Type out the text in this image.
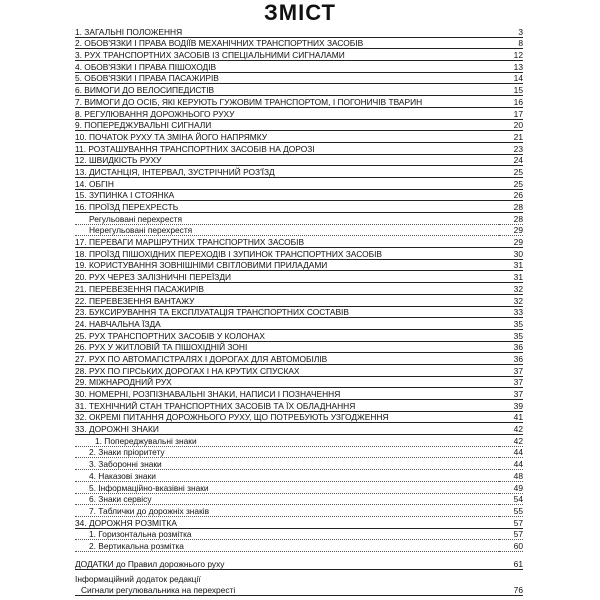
ЗМІСТ
1. ЗАГАЛЬНІ ПОЛОЖЕННЯ	3
2. ОБОВ'ЯЗКИ І ПРАВА ВОДІЇВ МЕХАНІЧНИХ ТРАНСПОРТНИХ ЗАСОБІВ	8
3. РУХ ТРАНСПОРТНИХ ЗАСОБІВ ІЗ СПЕЦІАЛЬНИМИ СИГНАЛАМИ	12
4. ОБОВ'ЯЗКИ І ПРАВА ПІШОХОДІВ	13
5. ОБОВ'ЯЗКИ І ПРАВА ПАСАЖИРІВ	14
6. ВИМОГИ ДО ВЕЛОСИПЕДИСТІВ	15
7. ВИМОГИ ДО ОСІБ, ЯКІ КЕРУЮТЬ ГУЖОВИМ ТРАНСПОРТОМ, І ПОГОНИЧІВ ТВАРИН	16
8. РЕГУЛЮВАННЯ ДОРОЖНЬОГО РУХУ	17
9. ПОПЕРЕДЖУВАЛЬНІ СИГНАЛИ	20
10. ПОЧАТОК РУХУ ТА ЗМІНА ЙОГО НАПРЯМКУ	21
11. РОЗТАШУВАННЯ ТРАНСПОРТНИХ ЗАСОБІВ НА ДОРОЗІ	23
12. ШВИДКІСТЬ РУХУ	24
13. ДИСТАНЦІЯ, ІНТЕРВАЛ, ЗУСТРІЧНИЙ РОЗ'ЇЗД	25
14. ОБГІН	25
15. ЗУПИНКА І СТОЯНКА	26
16. ПРОЇЗД ПЕРЕХРЕСТЬ	28
Регульовані перехрестя	28
Нерегульовані перехрестя	29
17. ПЕРЕВАГИ МАРШРУТНИХ ТРАНСПОРТНИХ ЗАСОБІВ	29
18. ПРОЇЗД ПІШОХІДНИХ ПЕРЕХОДІВ І ЗУПИНОК ТРАНСПОРТНИХ ЗАСОБІВ	30
19. КОРИСТУВАННЯ ЗОВНІШНІМИ СВІТЛОВИМИ ПРИЛАДАМИ	31
20. РУХ ЧЕРЕЗ ЗАЛІЗНИЧНІ ПЕРЕЇЗДИ	31
21. ПЕРЕВЕЗЕННЯ ПАСАЖИРІВ	32
22. ПЕРЕВЕЗЕННЯ ВАНТАЖУ	32
23. БУКСИРУВАННЯ ТА ЕКСПЛУАТАЦІЯ ТРАНСПОРТНИХ СОСТАВІВ	33
24. НАВЧАЛЬНА ЇЗДА	35
25. РУХ ТРАНСПОРТНИХ ЗАСОБІВ У КОЛОНАХ	35
26. РУХ У ЖИТЛОВІЙ ТА ПІШОХІДНІЙ ЗОНІ	36
27. РУХ ПО АВТОМАГІСТРАЛЯХ І ДОРОГАХ ДЛЯ АВТОМОБІЛІВ	36
28. РУХ ПО ГІРСЬКИХ ДОРОГАХ І НА КРУТИХ СПУСКАХ	37
29. МІЖНАРОДНИЙ РУХ	37
30. НОМЕРНІ, РОЗПІЗНАВАЛЬНІ ЗНАКИ, НАПИСИ І ПОЗНАЧЕННЯ	37
31. ТЕХНІЧНИЙ СТАН ТРАНСПОРТНИХ ЗАСОБІВ ТА ЇХ ОБЛАДНАННЯ	39
32. ОКРЕМІ ПИТАННЯ ДОРОЖНЬОГО РУХУ, ЩО ПОТРЕБУЮТЬ УЗГОДЖЕННЯ	41
33. ДОРОЖНІ ЗНАКИ	42
1. Попереджувальні знаки	42
2. Знаки пріоритету	44
3. Заборонні знаки	44
4. Наказові знаки	48
5. Інформаційно-вказівні знаки	49
6. Знаки сервісу	54
7. Таблички до дорожніх знаків	55
34. ДОРОЖНЯ РОЗМІТКА	57
1. Горизонтальна розмітка	57
2. Вертикальна розмітка	60

ДОДАТКИ до Правил дорожнього руху	61
Інформаційний додаток редакції
Сигнали регулювальника на перехресті	76
